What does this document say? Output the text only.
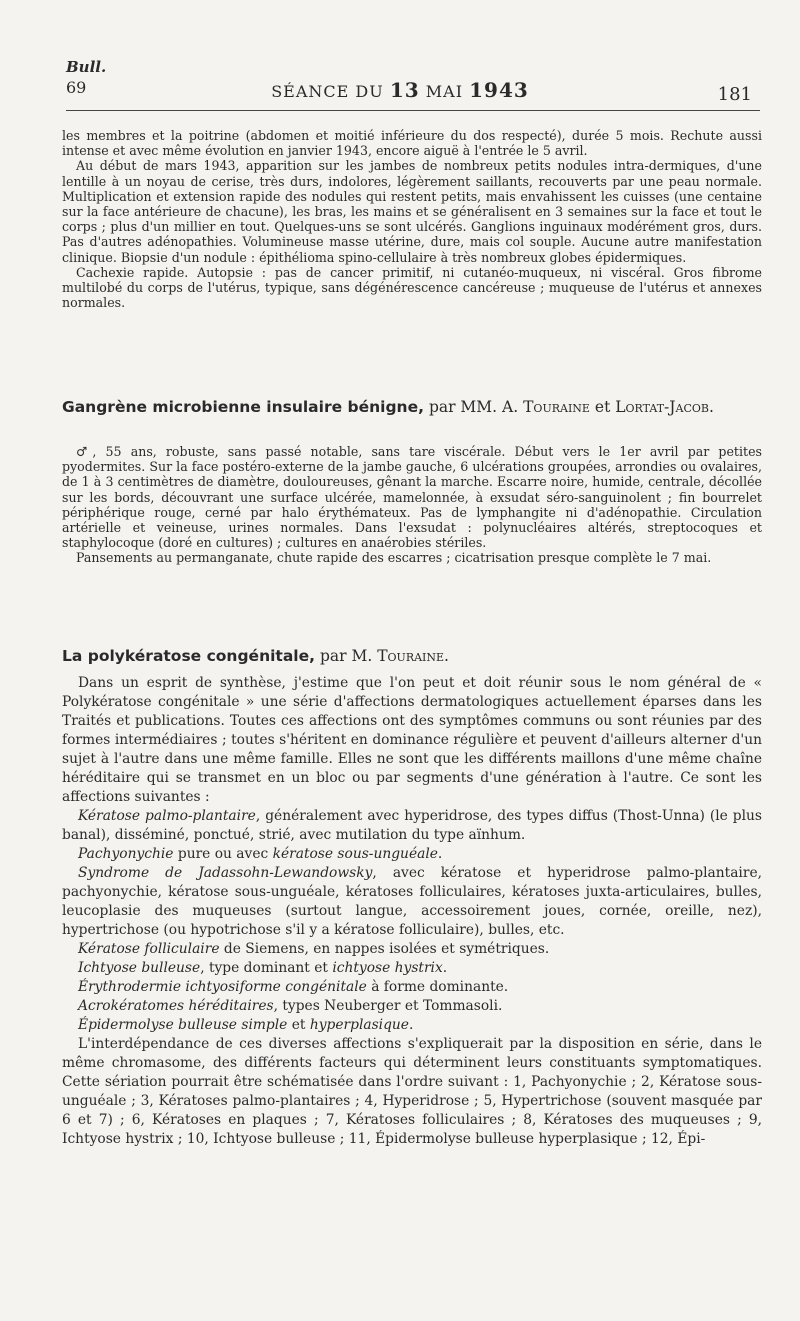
Bull.
69	SÉANCE DU 13 MAI 1943	181

les membres et la poitrine (abdomen et moitié inférieure du dos respecté), durée 5 mois. Rechute aussi intense et avec même évolution en janvier 1943, encore aiguë à l'entrée le 5 avril.

Au début de mars 1943, apparition sur les jambes de nombreux petits nodules intra-dermiques, d'une lentille à un noyau de cerise, très durs, indolores, légèrement saillants, recouverts par une peau normale. Multiplication et extension rapide des nodules qui restent petits, mais envahissent les cuisses (une centaine sur la face antérieure de chacune), les bras, les mains et se généralisent en 3 semaines sur la face et tout le corps ; plus d'un millier en tout. Quelques-uns se sont ulcérés. Ganglions inguinaux modérément gros, durs. Pas d'autres adénopathies. Volumineuse masse utérine, dure, mais col souple. Aucune autre manifestation clinique. Biopsie d'un nodule : épithélioma spino-cellulaire à très nombreux globes épidermiques.

Cachexie rapide. Autopsie : pas de cancer primitif, ni cutanéo-muqueux, ni viscéral. Gros fibrome multilobé du corps de l'utérus, typique, sans dégénérescence cancéreuse ; muqueuse de l'utérus et annexes normales.

Gangrène microbienne insulaire bénigne, par MM. A. Touraine et Lortat-Jacob.

♂, 55 ans, robuste, sans passé notable, sans tare viscérale. Début vers le 1er avril par petites pyodermites. Sur la face postéro-externe de la jambe gauche, 6 ulcérations groupées, arrondies ou ovalaires, de 1 à 3 centimètres de diamètre, douloureuses, gênant la marche. Escarre noire, humide, centrale, décollée sur les bords, découvrant une surface ulcérée, mamelonnée, à exsudat séro-sanguinolent ; fin bourrelet périphérique rouge, cerné par halo érythémateux. Pas de lymphangite ni d'adénopathie. Circulation artérielle et veineuse, urines normales. Dans l'exsudat : polynucléaires altérés, streptocoques et staphylocoque (doré en cultures) ; cultures en anaérobies stériles.

Pansements au permanganate, chute rapide des escarres ; cicatrisation presque complète le 7 mai.

La polykératose congénitale, par M. Touraine.

Dans un esprit de synthèse, j'estime que l'on peut et doit réunir sous le nom général de « Polykératose congénitale » une série d'affections dermatologiques actuellement éparses dans les Traités et publications. Toutes ces affections ont des symptômes communs ou sont réunies par des formes intermédiaires ; toutes s'héritent en dominance régulière et peuvent d'ailleurs alterner d'un sujet à l'autre dans une même famille. Elles ne sont que les différents maillons d'une même chaîne héréditaire qui se transmet en un bloc ou par segments d'une génération à l'autre. Ce sont les affections suivantes :

Kératose palmo-plantaire, généralement avec hyperidrose, des types diffus (Thost-Unna) (le plus banal), disséminé, ponctué, strié, avec mutilation du type aïnhum.

Pachyonychie pure ou avec kératose sous-unguéale.

Syndrome de Jadassohn-Lewandowsky, avec kératose et hyperidrose palmo-plantaire, pachyonychie, kératose sous-unguéale, kératoses folliculaires, kératoses juxta-articulaires, bulles, leucoplasie des muqueuses (surtout langue, accessoirement joues, cornée, oreille, nez), hypertrichose (ou hypotrichose s'il y a kératose folliculaire), bulles, etc.

Kératose folliculaire de Siemens, en nappes isolées et symétriques.

Ichtyose bulleuse, type dominant et ichtyose hystrix.

Érythrodermie ichtyosiforme congénitale à forme dominante.

Acrokératomes héréditaires, types Neuberger et Tommasoli.

Épidermolyse bulleuse simple et hyperplasique.

L'interdépendance de ces diverses affections s'expliquerait par la disposition en série, dans le même chromasome, des différents facteurs qui déterminent leurs constituants symptomatiques. Cette sériation pourrait être schématisée dans l'ordre suivant : 1, Pachyonychie ; 2, Kératose sous-unguéale ; 3, Kératoses palmo-plantaires ; 4, Hyperidrose ; 5, Hypertrichose (souvent masquée par 6 et 7) ; 6, Kératoses en plaques ; 7, Kératoses folliculaires ; 8, Kératoses des muqueuses ; 9, Ichtyose hystrix ; 10, Ichtyose bulleuse ; 11, Épidermolyse bulleuse hyperplasique ; 12, Épi-
